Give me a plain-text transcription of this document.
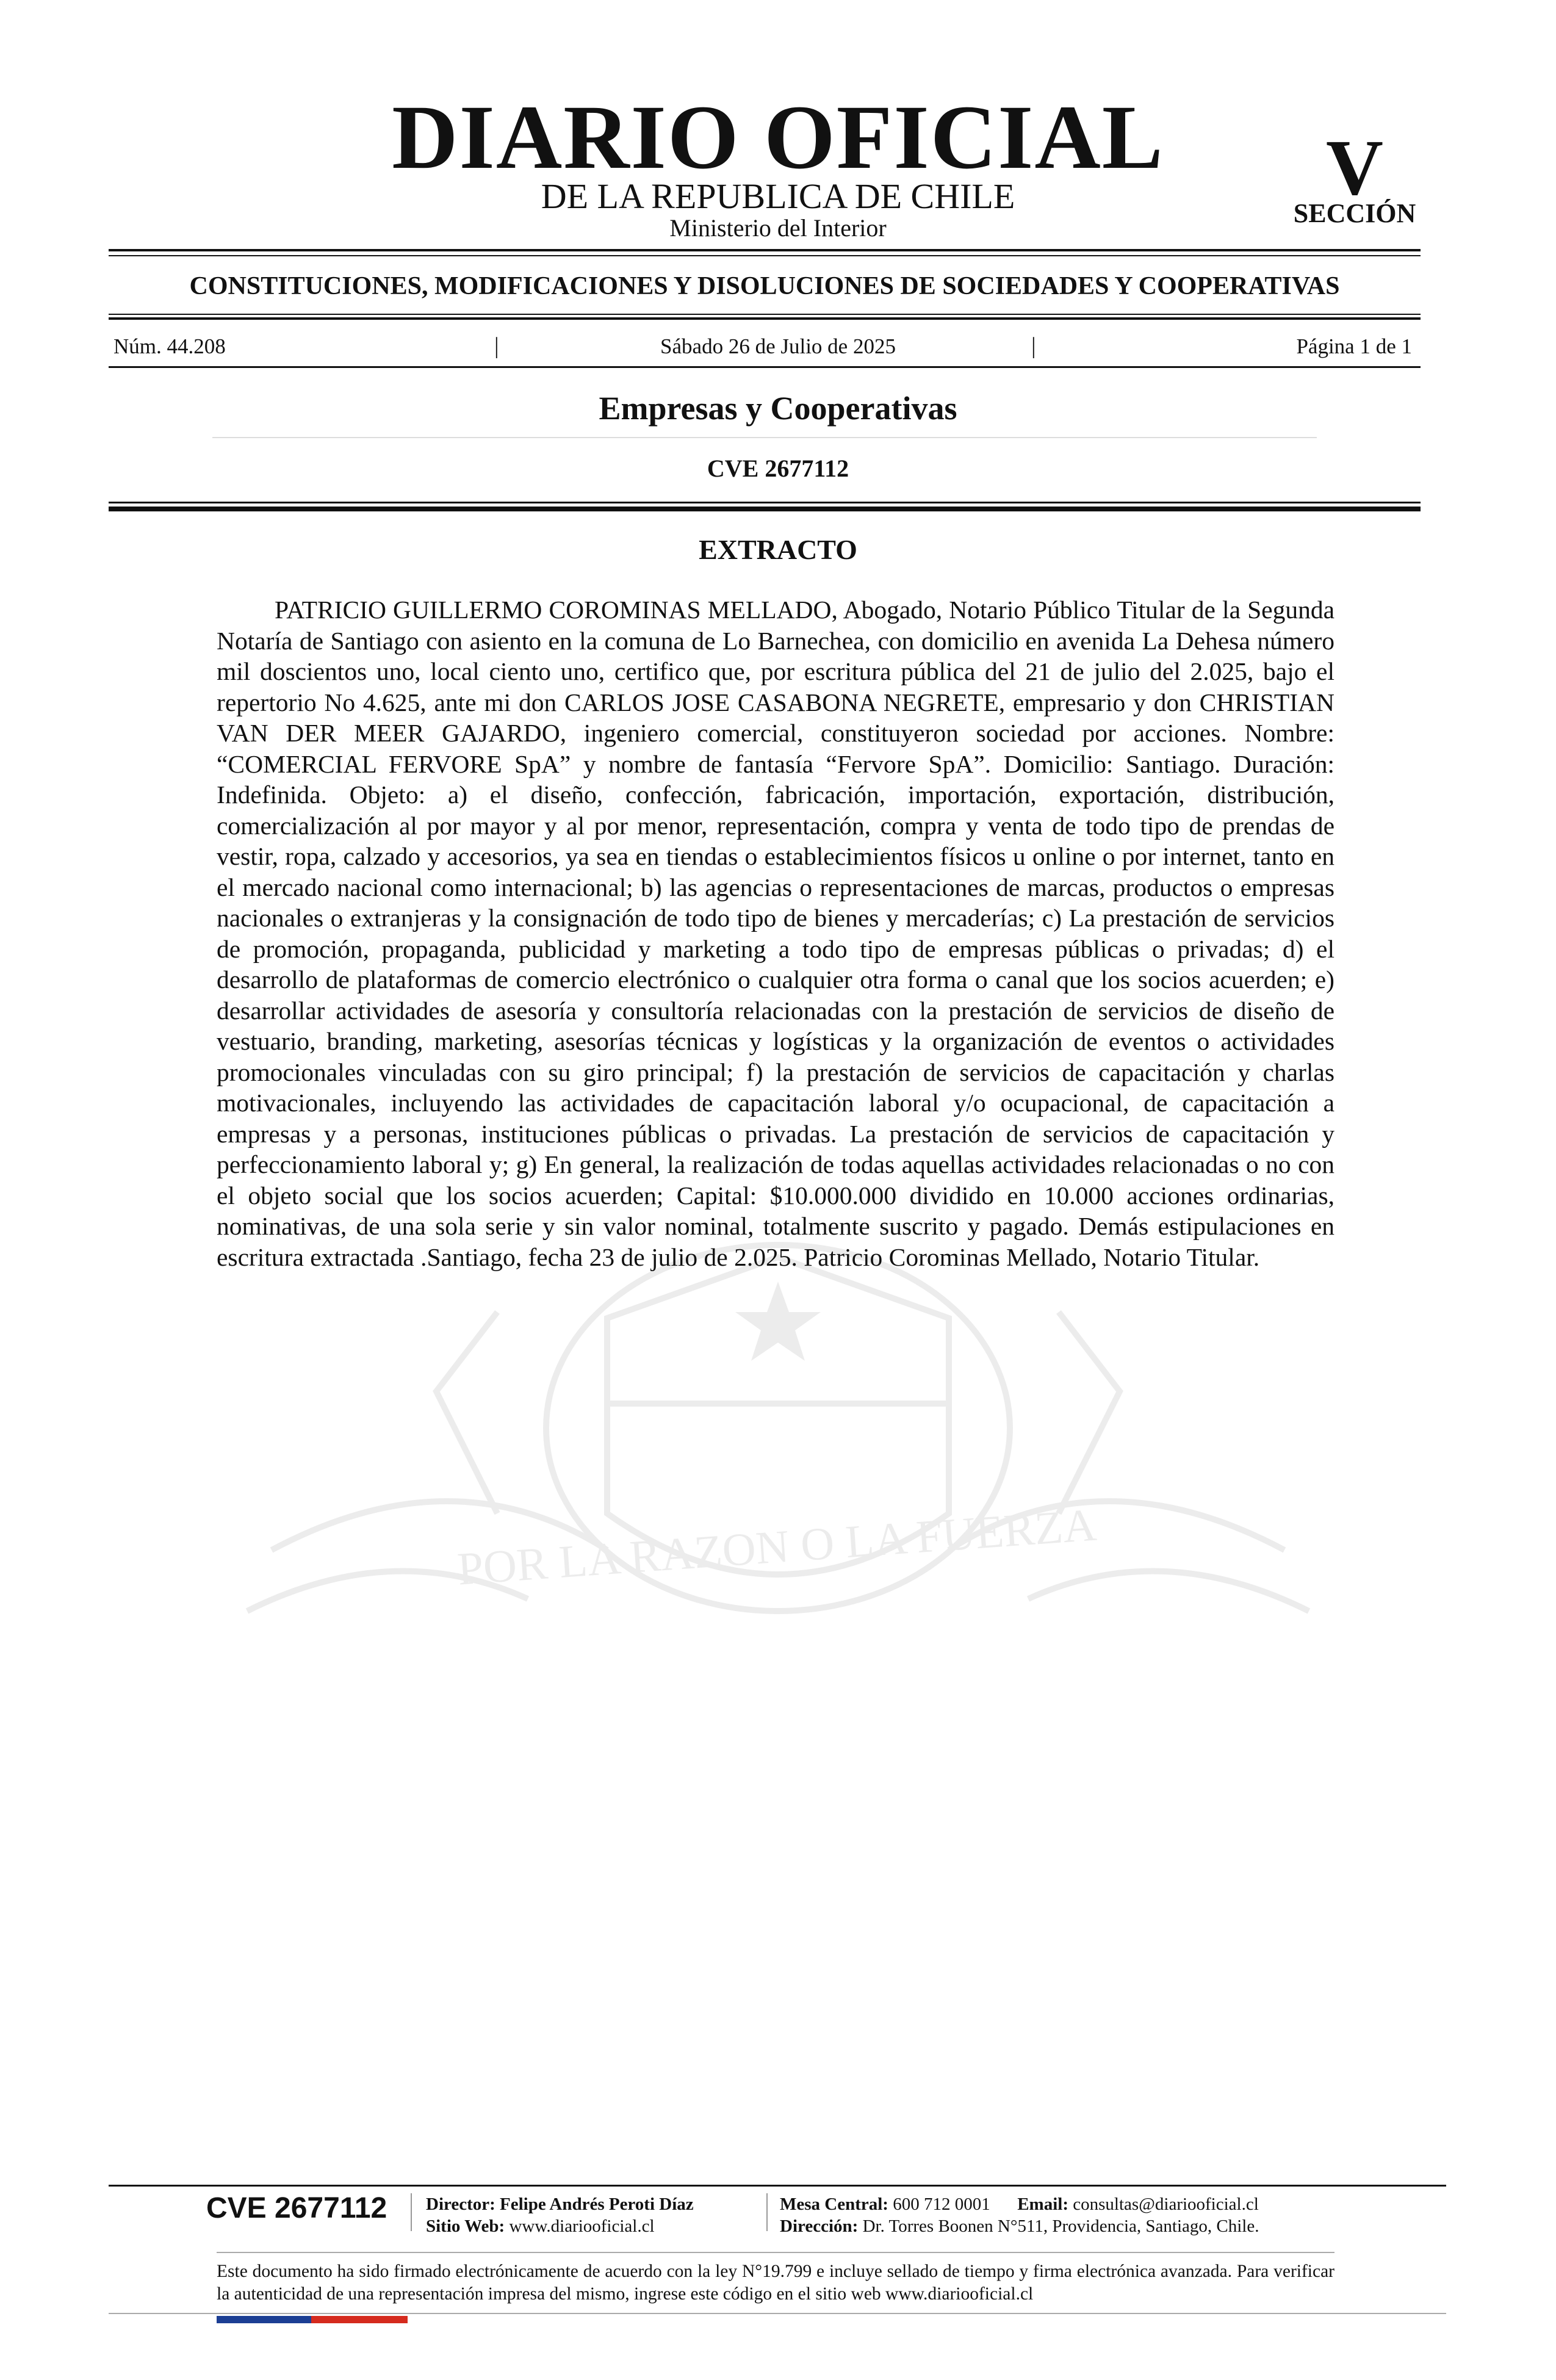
DIARIO OFICIAL
DE LA REPUBLICA DE CHILE
Ministerio del Interior
V
SECCIÓN
CONSTITUCIONES, MODIFICACIONES Y DISOLUCIONES DE SOCIEDADES Y COOPERATIVAS
Núm. 44.208	|	Sábado 26 de Julio de 2025	|	Página 1 de 1
Empresas y Cooperativas
CVE 2677112
POR LA RAZON O LA FUERZA
EXTRACTO
PATRICIO GUILLERMO COROMINAS MELLADO, Abogado, Notario Público Titular de la Segunda Notaría de Santiago con asiento en la comuna de Lo Barnechea, con domicilio en avenida La Dehesa número mil doscientos uno, local ciento uno, certifico que, por escritura pública del 21 de julio del 2.025, bajo el repertorio No 4.625, ante mi don CARLOS JOSE CASABONA NEGRETE, empresario y don CHRISTIAN VAN DER MEER GAJARDO, ingeniero comercial, constituyeron sociedad por acciones. Nombre: “COMERCIAL FERVORE SpA” y nombre de fantasía “Fervore SpA”. Domicilio: Santiago. Duración: Indefinida. Objeto: a) el diseño, confección, fabricación, importación, exportación, distribución, comercialización al por mayor y al por menor, representación, compra y venta de todo tipo de prendas de vestir, ropa, calzado y accesorios, ya sea en tiendas o establecimientos físicos u online o por internet, tanto en el mercado nacional como internacional; b) las agencias o representaciones de marcas, productos o empresas nacionales o extranjeras y la consignación de todo tipo de bienes y mercaderías; c) La prestación de servicios de promoción, propaganda, publicidad y marketing a todo tipo de empresas públicas o privadas; d) el desarrollo de plataformas de comercio electrónico o cualquier otra forma o canal que los socios acuerden; e) desarrollar actividades de asesoría y consultoría relacionadas con la prestación de servicios de diseño de vestuario, branding, marketing, asesorías técnicas y logísticas y la organización de eventos o actividades promocionales vinculadas con su giro principal; f) la prestación de servicios de capacitación y charlas motivacionales, incluyendo las actividades de capacitación laboral y/o ocupacional, de capacitación a empresas y a personas, instituciones públicas o privadas. La prestación de servicios de capacitación y perfeccionamiento laboral y; g) En general, la realización de todas aquellas actividades relacionadas o no con el objeto social que los socios acuerden; Capital: $10.000.000 dividido en 10.000 acciones ordinarias, nominativas, de una sola serie y sin valor nominal, totalmente suscrito y pagado. Demás estipulaciones en escritura extractada .Santiago, fecha 23 de julio de 2.025. Patricio Corominas Mellado, Notario Titular.
CVE 2677112 Director: Felipe Andrés Peroti Díaz
Sitio Web: www.diariooficial.cl
Mesa Central: 600 712 0001 Email: consultas@diariooficial.cl
Dirección: Dr. Torres Boonen N°511, Providencia, Santiago, Chile.
Este documento ha sido firmado electrónicamente de acuerdo con la ley N°19.799 e incluye sellado de tiempo y firma electrónica avanzada. Para verificar la autenticidad de una representación impresa del mismo, ingrese este código en el sitio web www.diariooficial.cl
